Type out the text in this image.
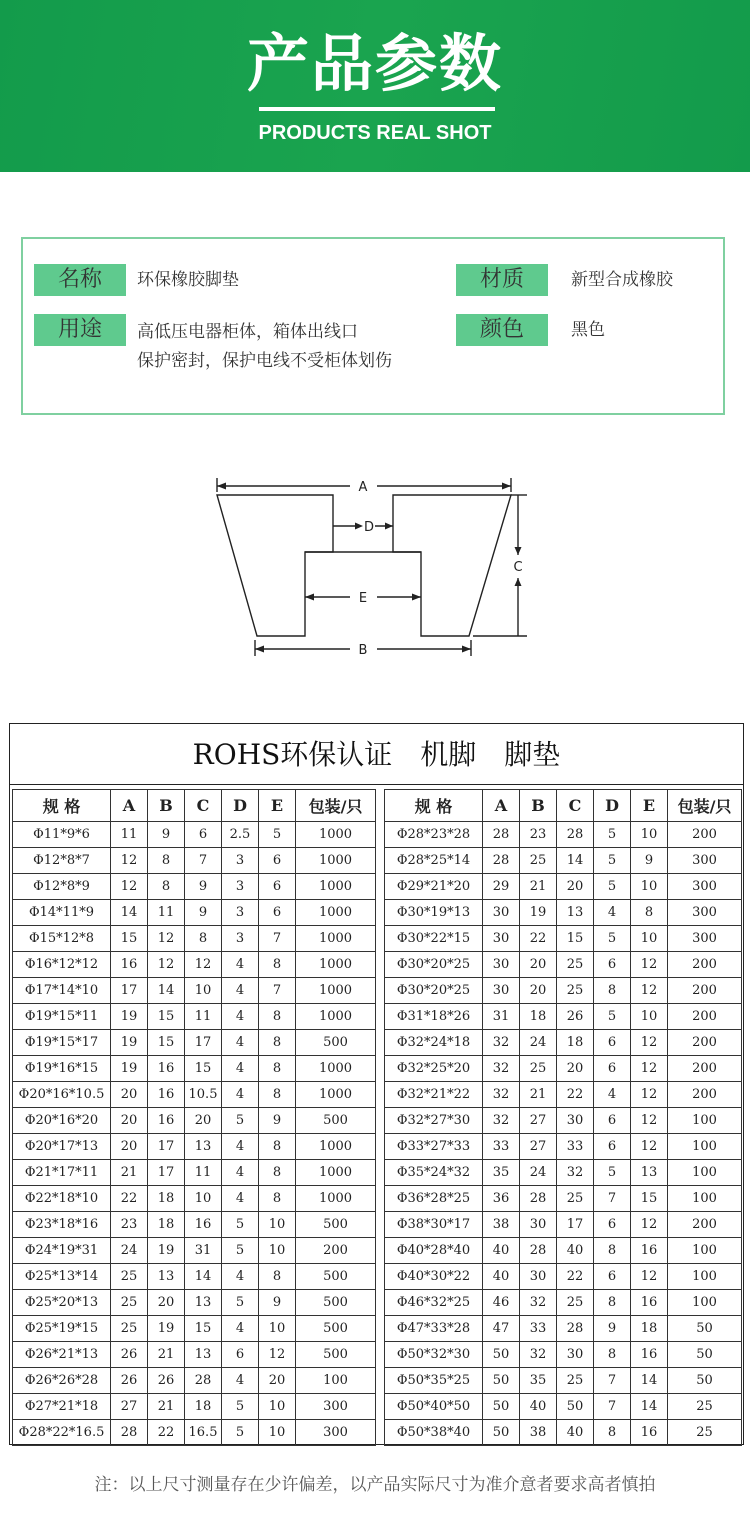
产品参数
PRODUCTS REAL SHOT
名称	环保橡胶脚垫	材质	新型合成橡胶
用途	高低压电器柜体，箱体出线口
保护密封，保护电线不受柜体划伤
颜色	黑色
A
B
C
D
E
ROHS环保认证　机脚　脚垫
规 格	A	B	C	D	E	包装/只
Φ11*9*6	11	9	6	2.5	5	1000
Φ12*8*7	12	8	7	3	6	1000
Φ12*8*9	12	8	9	3	6	1000
Φ14*11*9	14	11	9	3	6	1000
Φ15*12*8	15	12	8	3	7	1000
Φ16*12*12	16	12	12	4	8	1000
Φ17*14*10	17	14	10	4	7	1000
Φ19*15*11	19	15	11	4	8	1000
Φ19*15*17	19	15	17	4	8	500
Φ19*16*15	19	16	15	4	8	1000
Φ20*16*10.5	20	16	10.5	4	8	1000
Φ20*16*20	20	16	20	5	9	500
Φ20*17*13	20	17	13	4	8	1000
Φ21*17*11	21	17	11	4	8	1000
Φ22*18*10	22	18	10	4	8	1000
Φ23*18*16	23	18	16	5	10	500
Φ24*19*31	24	19	31	5	10	200
Φ25*13*14	25	13	14	4	8	500
Φ25*20*13	25	20	13	5	9	500
Φ25*19*15	25	19	15	4	10	500
Φ26*21*13	26	21	13	6	12	500
Φ26*26*28	26	26	28	4	20	100
Φ27*21*18	27	21	18	5	10	300
Φ28*22*16.5	28	22	16.5	5	10	300
规 格	A	B	C	D	E	包装/只
Φ28*23*28	28	23	28	5	10	200
Φ28*25*14	28	25	14	5	9	300
Φ29*21*20	29	21	20	5	10	300
Φ30*19*13	30	19	13	4	8	300
Φ30*22*15	30	22	15	5	10	300
Φ30*20*25	30	20	25	6	12	200
Φ30*20*25	30	20	25	8	12	200
Φ31*18*26	31	18	26	5	10	200
Φ32*24*18	32	24	18	6	12	200
Φ32*25*20	32	25	20	6	12	200
Φ32*21*22	32	21	22	4	12	200
Φ32*27*30	32	27	30	6	12	100
Φ33*27*33	33	27	33	6	12	100
Φ35*24*32	35	24	32	5	13	100
Φ36*28*25	36	28	25	7	15	100
Φ38*30*17	38	30	17	6	12	200
Φ40*28*40	40	28	40	8	16	100
Φ40*30*22	40	30	22	6	12	100
Φ46*32*25	46	32	25	8	16	100
Φ47*33*28	47	33	28	9	18	50
Φ50*32*30	50	32	30	8	16	50
Φ50*35*25	50	35	25	7	14	50
Φ50*40*50	50	40	50	7	14	25
Φ50*38*40	50	38	40	8	16	25
注：以上尺寸测量存在少许偏差，以产品实际尺寸为准介意者要求高者慎拍
